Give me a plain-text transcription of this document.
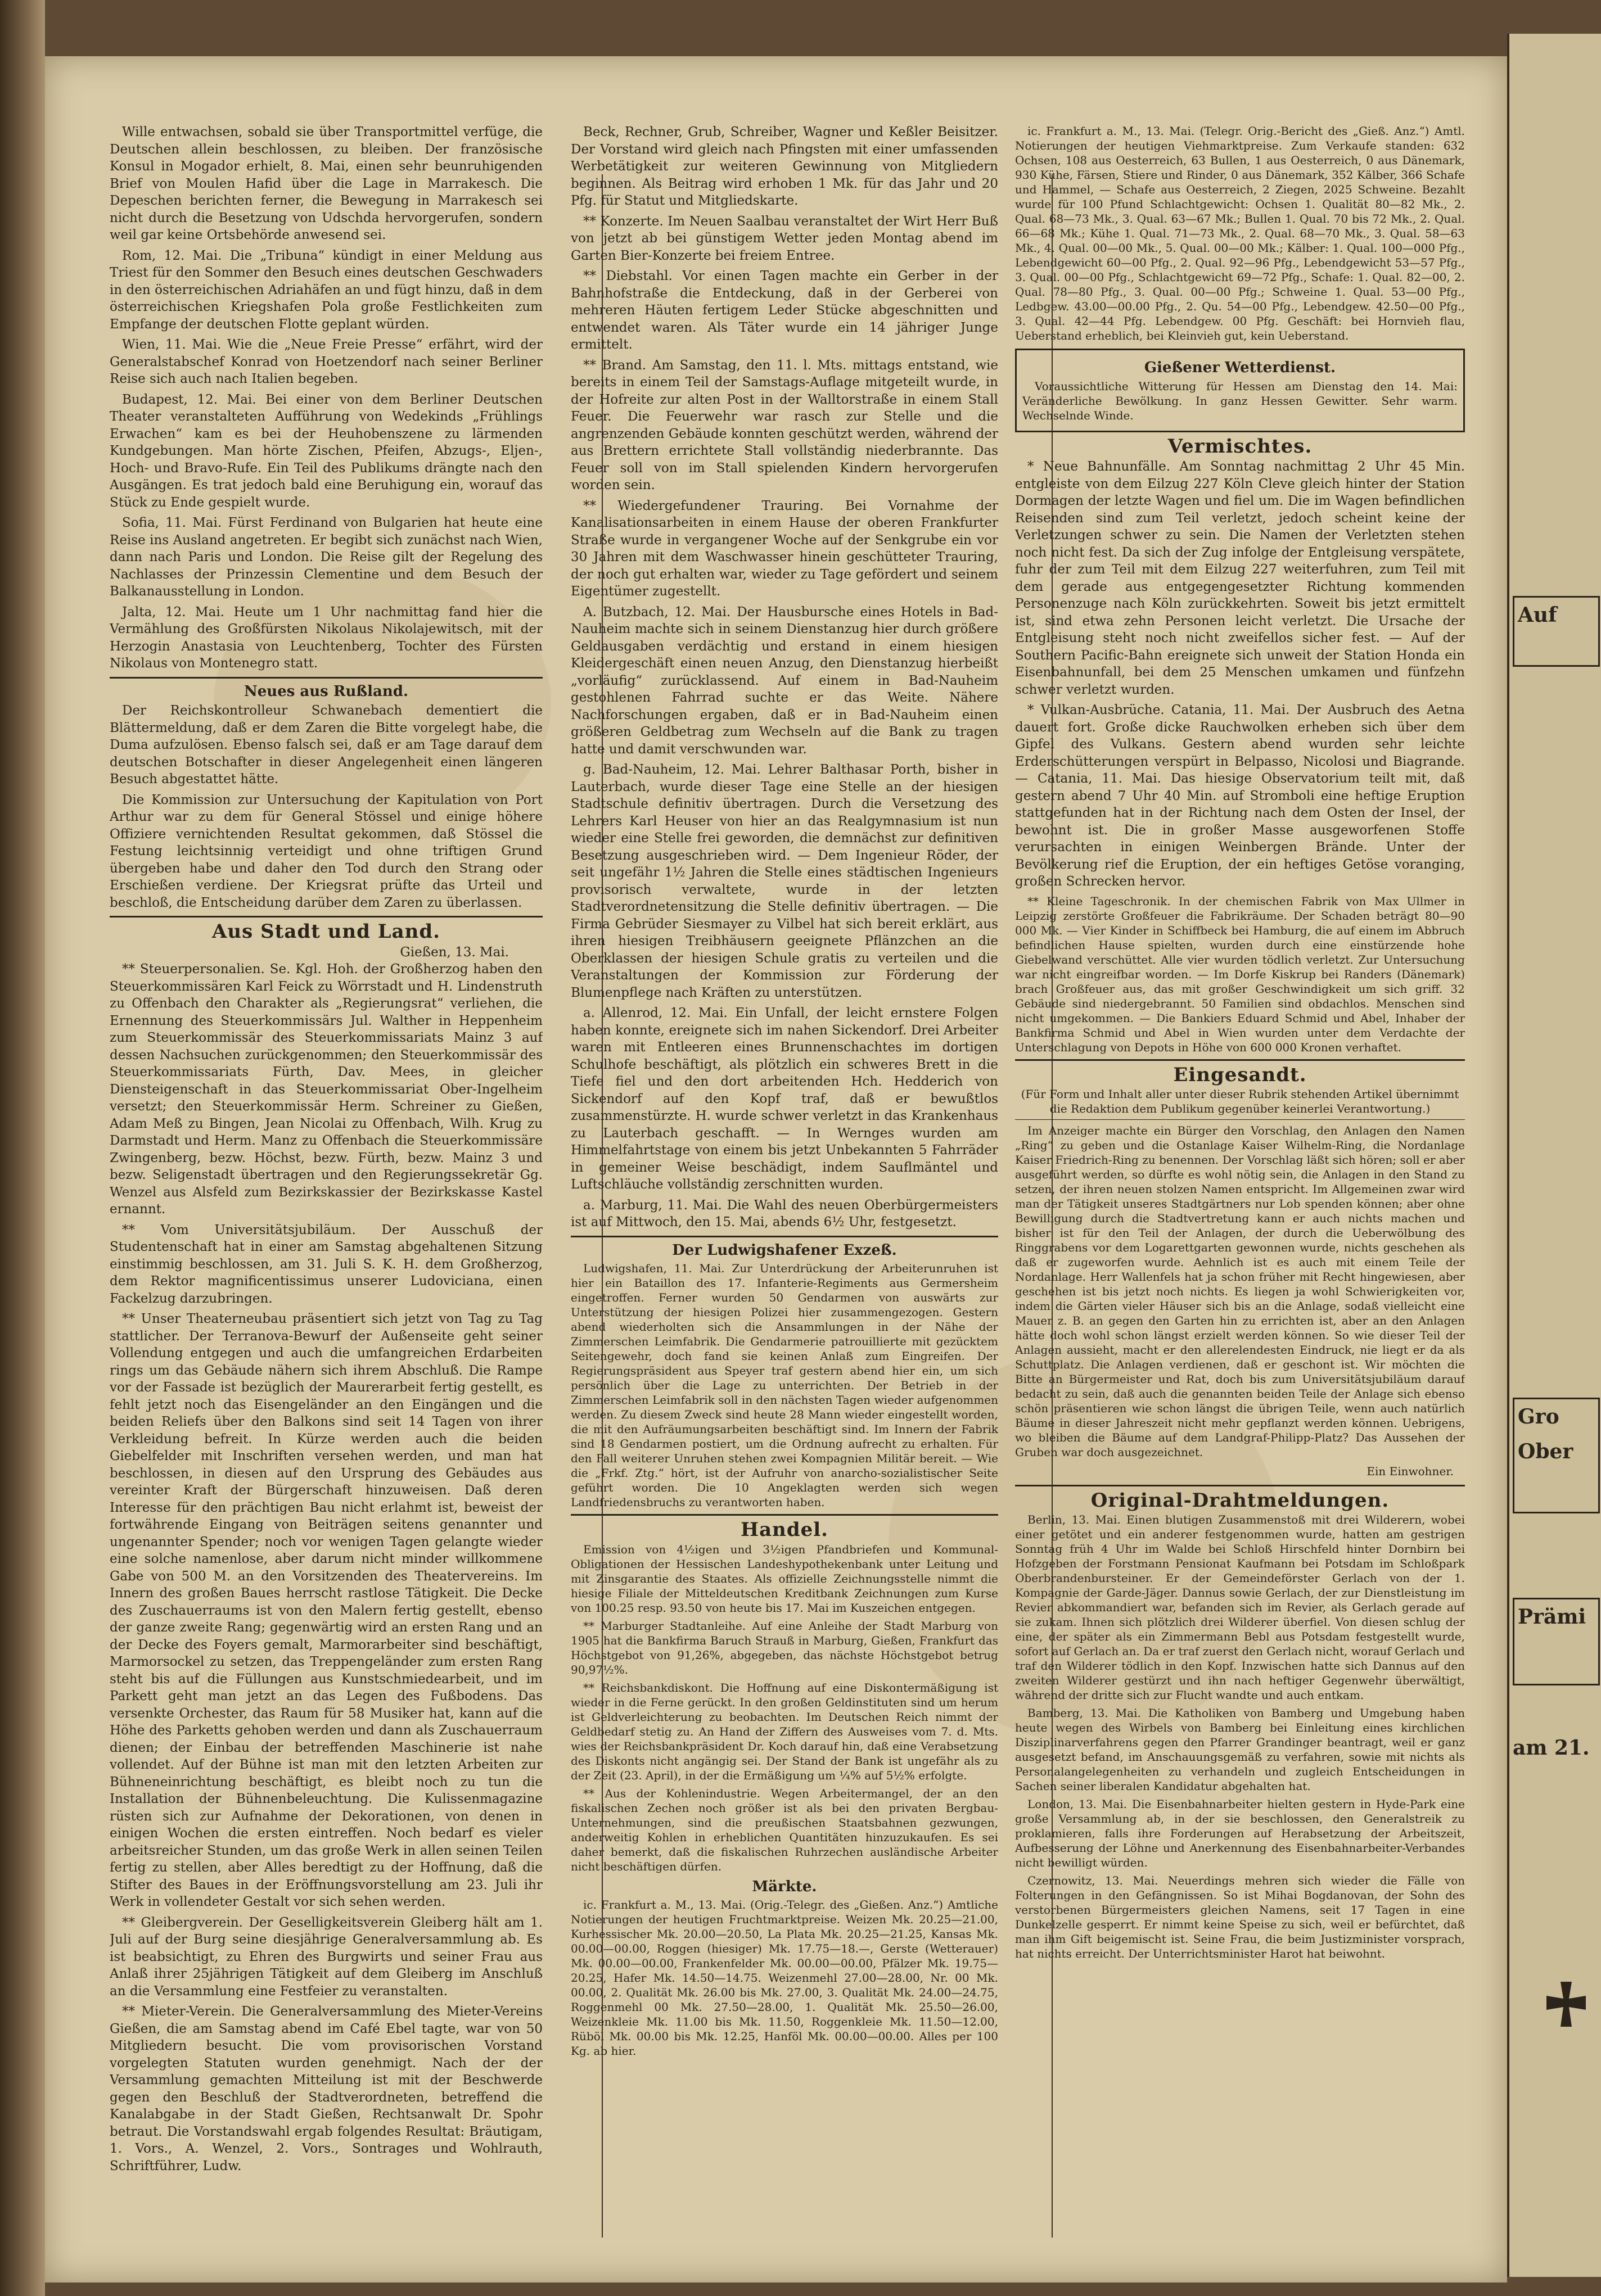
Wille entwachsen, sobald sie über Transportmittel verfüge, die Deutschen allein beschlossen, zu bleiben. Der französische Konsul in Mogador erhielt, 8. Mai, einen sehr beunruhigenden Brief von Moulen Hafid über die Lage in Marrakesch. Die Depeschen berichten ferner, die Bewegung in Marrakesch sei nicht durch die Besetzung von Udschda hervorgerufen, sondern weil gar keine Ortsbehörde anwesend sei.

Rom, 12. Mai. Die „Tribuna“ kündigt in einer Meldung aus Triest für den Sommer den Besuch eines deutschen Geschwaders in den österreichischen Adriahäfen an und fügt hinzu, daß in dem österreichischen Kriegshafen Pola große Festlichkeiten zum Empfange der deutschen Flotte geplant würden.

Wien, 11. Mai. Wie die „Neue Freie Presse“ erfährt, wird der Generalstabschef Konrad von Hoetzendorf nach seiner Berliner Reise sich auch nach Italien begeben.

Budapest, 12. Mai. Bei einer von dem Berliner Deutschen Theater veranstalteten Aufführung von Wedekinds „Frühlings Erwachen“ kam es bei der Heuhobenszene zu lärmenden Kundgebungen. Man hörte Zischen, Pfeifen, Abzugs-, Eljen-, Hoch- und Bravo-Rufe. Ein Teil des Publikums drängte nach den Ausgängen. Es trat jedoch bald eine Beruhigung ein, worauf das Stück zu Ende gespielt wurde.

Sofia, 11. Mai. Fürst Ferdinand von Bulgarien hat heute eine Reise ins Ausland angetreten. Er begibt sich zunächst nach Wien, dann nach Paris und London. Die Reise gilt der Regelung des Nachlasses der Prinzessin Clementine und dem Besuch der Balkanausstellung in London.

Jalta, 12. Mai. Heute um 1 Uhr nachmittag fand hier die Vermählung des Großfürsten Nikolaus Nikolajewitsch, mit der Herzogin Anastasia von Leuchtenberg, Tochter des Fürsten Nikolaus von Montenegro statt.

Neues aus Rußland.

Der Reichskontrolleur Schwanebach dementiert die Blättermeldung, daß er dem Zaren die Bitte vorgelegt habe, die Duma aufzulösen. Ebenso falsch sei, daß er am Tage darauf dem deutschen Botschafter in dieser Angelegenheit einen längeren Besuch abgestattet hätte.

Die Kommission zur Untersuchung der Kapitulation von Port Arthur war zu dem für General Stössel und einige höhere Offiziere vernichtenden Resultat gekommen, daß Stössel die Festung leichtsinnig verteidigt und ohne triftigen Grund übergeben habe und daher den Tod durch den Strang oder Erschießen verdiene. Der Kriegsrat prüfte das Urteil und beschloß, die Entscheidung darüber dem Zaren zu überlassen.

Aus Stadt und Land.
Gießen, 13. Mai.

** Steuerpersonalien. Se. Kgl. Hoh. der Großherzog haben den Steuerkommissären Karl Feick zu Wörrstadt und H. Lindenstruth zu Offenbach den Charakter als „Regierungsrat“ verliehen, die Ernennung des Steuerkommissärs Jul. Walther in Heppenheim zum Steuerkommissär des Steuerkommissariats Mainz 3 auf dessen Nachsuchen zurückgenommen; den Steuerkommissär des Steuerkommissariats Fürth, Dav. Mees, in gleicher Diensteigenschaft in das Steuerkommissariat Ober-Ingelheim versetzt; den Steuerkommissär Herm. Schreiner zu Gießen, Adam Meß zu Bingen, Jean Nicolai zu Offenbach, Wilh. Krug zu Darmstadt und Herm. Manz zu Offenbach die Steuerkommissäre Zwingenberg, bezw. Höchst, bezw. Fürth, bezw. Mainz 3 und bezw. Seligenstadt übertragen und den Regierungssekretär Gg. Wenzel aus Alsfeld zum Bezirkskassier der Bezirkskasse Kastel ernannt.

** Vom Universitätsjubiläum. Der Ausschuß der Studentenschaft hat in einer am Samstag abgehaltenen Sitzung einstimmig beschlossen, am 31. Juli S. K. H. dem Großherzog, dem Rektor magnificentissimus unserer Ludoviciana, einen Fackelzug darzubringen.

** Unser Theaterneubau präsentiert sich jetzt von Tag zu Tag stattlicher. Der Terranova-Bewurf der Außenseite geht seiner Vollendung entgegen und auch die umfangreichen Erdarbeiten rings um das Gebäude nähern sich ihrem Abschluß. Die Rampe vor der Fassade ist bezüglich der Maurerarbeit fertig gestellt, es fehlt jetzt noch das Eisengeländer an den Eingängen und die beiden Reliefs über den Balkons sind seit 14 Tagen von ihrer Verkleidung befreit. In Kürze werden auch die beiden Giebelfelder mit Inschriften versehen werden, und man hat beschlossen, in diesen auf den Ursprung des Gebäudes aus vereinter Kraft der Bürgerschaft hinzuweisen. Daß deren Interesse für den prächtigen Bau nicht erlahmt ist, beweist der fortwährende Eingang von Beiträgen seitens genannter und ungenannter Spender; noch vor wenigen Tagen gelangte wieder eine solche namenlose, aber darum nicht minder willkommene Gabe von 500 M. an den Vorsitzenden des Theatervereins. Im Innern des großen Baues herrscht rastlose Tätigkeit. Die Decke des Zuschauerraums ist von den Malern fertig gestellt, ebenso der ganze zweite Rang; gegenwärtig wird an ersten Rang und an der Decke des Foyers gemalt, Marmorarbeiter sind beschäftigt, Marmorsockel zu setzen, das Treppengeländer zum ersten Rang steht bis auf die Füllungen aus Kunstschmiedearbeit, und im Parkett geht man jetzt an das Legen des Fußbodens. Das versenkte Orchester, das Raum für 58 Musiker hat, kann auf die Höhe des Parketts gehoben werden und dann als Zuschauerraum dienen; der Einbau der betreffenden Maschinerie ist nahe vollendet. Auf der Bühne ist man mit den letzten Arbeiten zur Bühneneinrichtung beschäftigt, es bleibt noch zu tun die Installation der Bühnenbeleuchtung. Die Kulissenmagazine rüsten sich zur Aufnahme der Dekorationen, von denen in einigen Wochen die ersten eintreffen. Noch bedarf es vieler arbeitsreicher Stunden, um das große Werk in allen seinen Teilen fertig zu stellen, aber Alles beredtigt zu der Hoffnung, daß die Stifter des Baues in der Eröffnungsvorstellung am 23. Juli ihr Werk in vollendeter Gestalt vor sich sehen werden.

** Gleibergverein. Der Geselligkeitsverein Gleiberg hält am 1. Juli auf der Burg seine diesjährige Generalversammlung ab. Es ist beabsichtigt, zu Ehren des Burgwirts und seiner Frau aus Anlaß ihrer 25jährigen Tätigkeit auf dem Gleiberg im Anschluß an die Versammlung eine Festfeier zu veranstalten.

** Mieter-Verein. Die Generalversammlung des Mieter-Vereins Gießen, die am Samstag abend im Café Ebel tagte, war von 50 Mitgliedern besucht. Die vom provisorischen Vorstand vorgelegten Statuten wurden genehmigt. Nach der der Versammlung gemachten Mitteilung ist mit der Beschwerde gegen den Beschluß der Stadtverordneten, betreffend die Kanalabgabe in der Stadt Gießen, Rechtsanwalt Dr. Spohr betraut. Die Vorstandswahl ergab folgendes Resultat: Bräutigam, 1. Vors., A. Wenzel, 2. Vors., Sontrages und Wohlrauth, Schriftführer, Ludw.

Beck, Rechner, Grub, Schreiber, Wagner und Keßler Beisitzer. Der Vorstand wird gleich nach Pfingsten mit einer umfassenden Werbetätigkeit zur weiteren Gewinnung von Mitgliedern beginnen. Als Beitrag wird erhoben 1 Mk. für das Jahr und 20 Pfg. für Statut und Mitgliedskarte.

** Konzerte. Im Neuen Saalbau veranstaltet der Wirt Herr Buß von jetzt ab bei günstigem Wetter jeden Montag abend im Garten Bier-Konzerte bei freiem Entree.

** Diebstahl. Vor einen Tagen machte ein Gerber in der Bahnhofstraße die Entdeckung, daß in der Gerberei von mehreren Häuten fertigem Leder Stücke abgeschnitten und entwendet waren. Als Täter wurde ein 14 jähriger Junge ermittelt.

** Brand. Am Samstag, den 11. l. Mts. mittags entstand, wie bereits in einem Teil der Samstags-Auflage mitgeteilt wurde, in der Hofreite zur alten Post in der Walltorstraße in einem Stall Feuer. Die Feuerwehr war rasch zur Stelle und die angrenzenden Gebäude konnten geschützt werden, während der aus Brettern errichtete Stall vollständig niederbrannte. Das Feuer soll von im Stall spielenden Kindern hervorgerufen worden sein.

** Wiedergefundener Trauring. Bei Vornahme der Kanalisationsarbeiten in einem Hause der oberen Frankfurter Straße wurde in vergangener Woche auf der Senkgrube ein vor 30 Jahren mit dem Waschwasser hinein geschütteter Trauring, der noch gut erhalten war, wieder zu Tage gefördert und seinem Eigentümer zugestellt.

A. Butzbach, 12. Mai. Der Hausbursche eines Hotels in Bad-Nauheim machte sich in seinem Dienstanzug hier durch größere Geldausgaben verdächtig und erstand in einem hiesigen Kleidergeschäft einen neuen Anzug, den Dienstanzug hierbeißt „vorläufig“ zurücklassend. Auf einem in Bad-Nauheim gestohlenen Fahrrad suchte er das Weite. Nähere Nachforschungen ergaben, daß er in Bad-Nauheim einen größeren Geldbetrag zum Wechseln auf die Bank zu tragen hatte und damit verschwunden war.

g. Bad-Nauheim, 12. Mai. Lehrer Balthasar Porth, bisher in Lauterbach, wurde dieser Tage eine Stelle an der hiesigen Stadtschule definitiv übertragen. Durch die Versetzung des Lehrers Karl Heuser von hier an das Realgymnasium ist nun wieder eine Stelle frei geworden, die demnächst zur definitiven Besetzung ausgeschrieben wird. — Dem Ingenieur Röder, der seit ungefähr 1½ Jahren die Stelle eines städtischen Ingenieurs provisorisch verwaltete, wurde in der letzten Stadtverordnetensitzung die Stelle definitiv übertragen. — Die Firma Gebrüder Siesmayer zu Vilbel hat sich bereit erklärt, aus ihren hiesigen Treibhäusern geeignete Pflänzchen an die Oberklassen der hiesigen Schule gratis zu verteilen und die Veranstaltungen der Kommission zur Förderung der Blumenpflege nach Kräften zu unterstützen.

a. Allenrod, 12. Mai. Ein Unfall, der leicht ernstere Folgen haben konnte, ereignete sich im nahen Sickendorf. Drei Arbeiter waren mit Entleeren eines Brunnenschachtes im dortigen Schulhofe beschäftigt, als plötzlich ein schweres Brett in die Tiefe fiel und den dort arbeitenden Hch. Hedderich von Sickendorf auf den Kopf traf, daß er bewußtlos zusammenstürzte. H. wurde schwer verletzt in das Krankenhaus zu Lauterbach geschafft. — In Wernges wurden am Himmelfahrtstage von einem bis jetzt Unbekannten 5 Fahrräder in gemeiner Weise beschädigt, indem Sauflmäntel und Luftschläuche vollständig zerschnitten wurden.

a. Marburg, 11. Mai. Die Wahl des neuen Oberbürgermeisters ist auf Mittwoch, den 15. Mai, abends 6½ Uhr, festgesetzt.

Der Ludwigshafener Exzeß.

Ludwigshafen, 11. Mai. Zur Unterdrückung der Arbeiterunruhen ist hier ein Bataillon des 17. Infanterie-Regiments aus Germersheim eingetroffen. Ferner wurden 50 Gendarmen von auswärts zur Unterstützung der hiesigen Polizei hier zusammengezogen. Gestern abend wiederholten sich die Ansammlungen in der Nähe der Zimmerschen Leimfabrik. Die Gendarmerie patrouillierte mit gezücktem Seitengewehr, doch fand sie keinen Anlaß zum Eingreifen. Der Regierungspräsident aus Speyer traf gestern abend hier ein, um sich persönlich über die Lage zu unterrichten. Der Betrieb in der Zimmerschen Leimfabrik soll in den nächsten Tagen wieder aufgenommen werden. Zu diesem Zweck sind heute 28 Mann wieder eingestellt worden, die mit den Aufräumungsarbeiten beschäftigt sind. Im Innern der Fabrik sind 18 Gendarmen postiert, um die Ordnung aufrecht zu erhalten. Für den Fall weiterer Unruhen stehen zwei Kompagnien Militär bereit. — Wie die „Frkf. Ztg.“ hört, ist der Aufruhr von anarcho-sozialistischer Seite geführt worden. Die 10 Angeklagten werden sich wegen Landfriedensbruchs zu verantworten haben.

Handel.

Emission von 4½igen und 3½igen Pfandbriefen und Kommunal-Obligationen der Hessischen Landeshypothekenbank unter Leitung und mit Zinsgarantie des Staates. Als offizielle Zeichnungsstelle nimmt die hiesige Filiale der Mitteldeutschen Kreditbank Zeichnungen zum Kurse von 100.25 resp. 93.50 von heute bis 17. Mai im Kuszeichen entgegen.

** Marburger Stadtanleihe. Auf eine Anleihe der Stadt Marburg von 1905 hat die Bankfirma Baruch Strauß in Marburg, Gießen, Frankfurt das Höchstgebot von 91,26%, abgegeben, das nächste Höchstgebot betrug 90,97½%.

** Reichsbankdiskont. Die Hoffnung auf eine Diskontermäßigung ist wieder in die Ferne gerückt. In den großen Geldinstituten sind um herum ist Geldverleichterung zu beobachten. Im Deutschen Reich nimmt der Geldbedarf stetig zu. An Hand der Ziffern des Ausweises vom 7. d. Mts. wies der Reichsbankpräsident Dr. Koch darauf hin, daß eine Verabsetzung des Diskonts nicht angängig sei. Der Stand der Bank ist ungefähr als zu der Zeit (23. April), in der die Ermäßigung um ¼% auf 5½% erfolgte.

** Aus der Kohlenindustrie. Wegen Arbeitermangel, der an den fiskalischen Zechen noch größer ist als bei den privaten Bergbau-Unternehmungen, sind die preußischen Staatsbahnen gezwungen, anderweitig Kohlen in erheblichen Quantitäten hinzuzukaufen. Es sei daher bemerkt, daß die fiskalischen Ruhrzechen ausländische Arbeiter nicht beschäftigen dürfen.

Märkte.

ic. Frankfurt a. M., 13. Mai. (Orig.-Telegr. des „Gießen. Anz.“) Amtliche Notierungen der heutigen Fruchtmarktpreise. Weizen Mk. 20.25—21.00, Kurhessischer Mk. 20.00—20.50, La Plata Mk. 20.25—21.25, Kansas Mk. 00.00—00.00, Roggen (hiesiger) Mk. 17.75—18.—, Gerste (Wetterauer) Mk. 00.00—00.00, Frankenfelder Mk. 00.00—00.00, Pfälzer Mk. 19.75—20.25, Hafer Mk. 14.50—14.75. Weizenmehl 27.00—28.00, Nr. 00 Mk. 00.00, 2. Qualität Mk. 26.00 bis Mk. 27.00, 3. Qualität Mk. 24.00—24.75, Roggenmehl 00 Mk. 27.50—28.00, 1. Qualität Mk. 25.50—26.00, Weizenkleie Mk. 11.00 bis Mk. 11.50, Roggenkleie Mk. 11.50—12.00, Rüböl Mk. 00.00 bis Mk. 12.25, Hanföl Mk. 00.00—00.00. Alles per 100 Kg. ab hier.

ic. Frankfurt a. M., 13. Mai. (Telegr. Orig.-Bericht des „Gieß. Anz.“) Amtl. Notierungen der heutigen Viehmarktpreise. Zum Verkaufe standen: 632 Ochsen, 108 aus Oesterreich, 63 Bullen, 1 aus Oesterreich, 0 aus Dänemark, 930 Kühe, Färsen, Stiere und Rinder, 0 aus Dänemark, 352 Kälber, 366 Schafe und Hammel, — Schafe aus Oesterreich, 2 Ziegen, 2025 Schweine. Bezahlt wurde für 100 Pfund Schlachtgewicht: Ochsen 1. Qualität 80—82 Mk., 2. Qual. 68—73 Mk., 3. Qual. 63—67 Mk.; Bullen 1. Qual. 70 bis 72 Mk., 2. Qual. 66—68 Mk.; Kühe 1. Qual. 71—73 Mk., 2. Qual. 68—70 Mk., 3. Qual. 58—63 Mk., 4. Qual. 00—00 Mk., 5. Qual. 00—00 Mk.; Kälber: 1. Qual. 100—000 Pfg., Lebendgewicht 60—00 Pfg., 2. Qual. 92—96 Pfg., Lebendgewicht 53—57 Pfg., 3. Qual. 00—00 Pfg., Schlachtgewicht 69—72 Pfg., Schafe: 1. Qual. 82—00, 2. Qual. 78—80 Pfg., 3. Qual. 00—00 Pfg.; Schweine 1. Qual. 53—00 Pfg., Ledbgew. 43.00—00.00 Pfg., 2. Qu. 54—00 Pfg., Lebendgew. 42.50—00 Pfg., 3. Qual. 42—44 Pfg. Lebendgew. 00 Pfg. Geschäft: bei Hornvieh flau, Ueberstand erheblich, bei Kleinvieh gut, kein Ueberstand.

Gießener Wetterdienst.

Voraussichtliche Witterung für Hessen am Dienstag den 14. Mai: Veränderliche Bewölkung. In ganz Hessen Gewitter. Sehr warm. Wechselnde Winde.

Vermischtes.

* Neue Bahnunfälle. Am Sonntag nachmittag 2 Uhr 45 Min. entgleiste von dem Eilzug 227 Köln Cleve gleich hinter der Station Dormagen der letzte Wagen und fiel um. Die im Wagen befindlichen Reisenden sind zum Teil verletzt, jedoch scheint keine der Verletzungen schwer zu sein. Die Namen der Verletzten stehen noch nicht fest. Da sich der Zug infolge der Entgleisung verspätete, fuhr der zum Teil mit dem Eilzug 227 weiterfuhren, zum Teil mit dem gerade aus entgegengesetzter Richtung kommenden Personenzuge nach Köln zurückkehrten. Soweit bis jetzt ermittelt ist, sind etwa zehn Personen leicht verletzt. Die Ursache der Entgleisung steht noch nicht zweifellos sicher fest. — Auf der Southern Pacific-Bahn ereignete sich unweit der Station Honda ein Eisenbahnunfall, bei dem 25 Menschen umkamen und fünfzehn schwer verletzt wurden.

* Vulkan-Ausbrüche. Catania, 11. Mai. Der Ausbruch des Aetna dauert fort. Große dicke Rauchwolken erheben sich über dem Gipfel des Vulkans. Gestern abend wurden sehr leichte Erderschütterungen verspürt in Belpasso, Nicolosi und Biagrande. — Catania, 11. Mai. Das hiesige Observatorium teilt mit, daß gestern abend 7 Uhr 40 Min. auf Stromboli eine heftige Eruption stattgefunden hat in der Richtung nach dem Osten der Insel, der bewohnt ist. Die in großer Masse ausgeworfenen Stoffe verursachten in einigen Weinbergen Brände. Unter der Bevölkerung rief die Eruption, der ein heftiges Getöse voranging, großen Schrecken hervor.

** Kleine Tageschronik. In der chemischen Fabrik von Max Ullmer in Leipzig zerstörte Großfeuer die Fabrikräume. Der Schaden beträgt 80—90 000 Mk. — Vier Kinder in Schiffbeck bei Hamburg, die auf einem im Abbruch befindlichen Hause spielten, wurden durch eine einstürzende hohe Giebelwand verschüttet. Alle vier wurden tödlich verletzt. Zur Untersuchung war nicht eingreifbar worden. — Im Dorfe Kiskrup bei Randers (Dänemark) brach Großfeuer aus, das mit großer Geschwindigkeit um sich griff. 32 Gebäude sind niedergebrannt. 50 Familien sind obdachlos. Menschen sind nicht umgekommen. — Die Bankiers Eduard Schmid und Abel, Inhaber der Bankfirma Schmid und Abel in Wien wurden unter dem Verdachte der Unterschlagung von Depots in Höhe von 600 000 Kronen verhaftet.

Eingesandt.

(Für Form und Inhalt aller unter dieser Rubrik stehenden Artikel übernimmt die Redaktion dem Publikum gegenüber keinerlei Verantwortung.)

Im Anzeiger machte ein Bürger den Vorschlag, den Anlagen den Namen „Ring“ zu geben und die Ostanlage Kaiser Wilhelm-Ring, die Nordanlage Kaiser Friedrich-Ring zu benennen. Der Vorschlag läßt sich hören; soll er aber ausgeführt werden, so dürfte es wohl nötig sein, die Anlagen in den Stand zu setzen, der ihren neuen stolzen Namen entspricht. Im Allgemeinen zwar wird man der Tätigkeit unseres Stadtgärtners nur Lob spenden können; aber ohne Bewilligung durch die Stadtvertretung kann er auch nichts machen und bisher ist für den Teil der Anlagen, der durch die Ueberwölbung des Ringgrabens vor dem Logarettgarten gewonnen wurde, nichts geschehen als daß er zugeworfen wurde. Aehnlich ist es auch mit einem Teile der Nordanlage. Herr Wallenfels hat ja schon früher mit Recht hingewiesen, aber geschehen ist bis jetzt noch nichts. Es liegen ja wohl Schwierigkeiten vor, indem die Gärten vieler Häuser sich bis an die Anlage, sodaß vielleicht eine Mauer z. B. an gegen den Garten hin zu errichten ist, aber an den Anlagen hätte doch wohl schon längst erzielt werden können. So wie dieser Teil der Anlagen aussieht, macht er den allerelendesten Eindruck, nie liegt er da als Schuttplatz. Die Anlagen verdienen, daß er geschont ist. Wir möchten die Bitte an Bürgermeister und Rat, doch bis zum Universitätsjubiläum darauf bedacht zu sein, daß auch die genannten beiden Teile der Anlage sich ebenso schön präsentieren wie schon längst die übrigen Teile, wenn auch natürlich Bäume in dieser Jahreszeit nicht mehr gepflanzt werden können. Uebrigens, wo bleiben die Bäume auf dem Landgraf-Philipp-Platz? Das Aussehen der Gruben war doch ausgezeichnet.

Ein Einwohner.
Original-Drahtmeldungen.

Berlin, 13. Mai. Einen blutigen Zusammenstoß mit drei Wilderern, wobei einer getötet und ein anderer festgenommen wurde, hatten am gestrigen Sonntag früh 4 Uhr im Walde bei Schloß Hirschfeld hinter Dornbirn bei Hofzgeben der Forstmann Pensionat Kaufmann bei Potsdam im Schloßpark Oberbrandenbursteiner. Er der Gemeindeförster Gerlach von der 1. Kompagnie der Garde-Jäger. Dannus sowie Gerlach, der zur Dienstleistung im Revier abkommandiert war, befanden sich im Revier, als Gerlach gerade auf sie zukam. Ihnen sich plötzlich drei Wilderer überfiel. Von diesen schlug der eine, der später als ein Zimmermann Bebl aus Potsdam festgestellt wurde, sofort auf Gerlach an. Da er traf zuerst den Gerlach nicht, worauf Gerlach und traf den Wilderer tödlich in den Kopf. Inzwischen hatte sich Dannus auf den zweiten Wilderer gestürzt und ihn nach heftiger Gegenwehr überwältigt, während der dritte sich zur Flucht wandte und auch entkam.

Bamberg, 13. Mai. Die Katholiken von Bamberg und Umgebung haben heute wegen des Wirbels von Bamberg bei Einleitung eines kirchlichen Disziplinarverfahrens gegen den Pfarrer Grandinger beantragt, weil er ganz ausgesetzt befand, im Anschauungsgemäß zu verfahren, sowie mit nichts als Personalangelegenheiten zu verhandeln und zugleich Entscheidungen in Sachen seiner liberalen Kandidatur abgehalten hat.

London, 13. Mai. Die Eisenbahnarbeiter hielten gestern in Hyde-Park eine große Versammlung ab, in der sie beschlossen, den Generalstreik zu proklamieren, falls ihre Forderungen auf Herabsetzung der Arbeitszeit, Aufbesserung der Löhne und Anerkennung des Eisenbahnarbeiter-Verbandes nicht bewilligt würden.

Czernowitz, 13. Mai. Neuerdings mehren sich wieder die Fälle von Folterungen in den Gefängnissen. So ist Mihai Bogdanovan, der Sohn des verstorbenen Bürgermeisters gleichen Namens, seit 17 Tagen in eine Dunkelzelle gesperrt. Er nimmt keine Speise zu sich, weil er befürchtet, daß man ihm Gift beigemischt ist. Seine Frau, die beim Justizminister vorsprach, hat nichts erreicht. Der Unterrichtsminister Harot hat beiwohnt.

Auf
Gro
Ober
Prämi
am 21.
